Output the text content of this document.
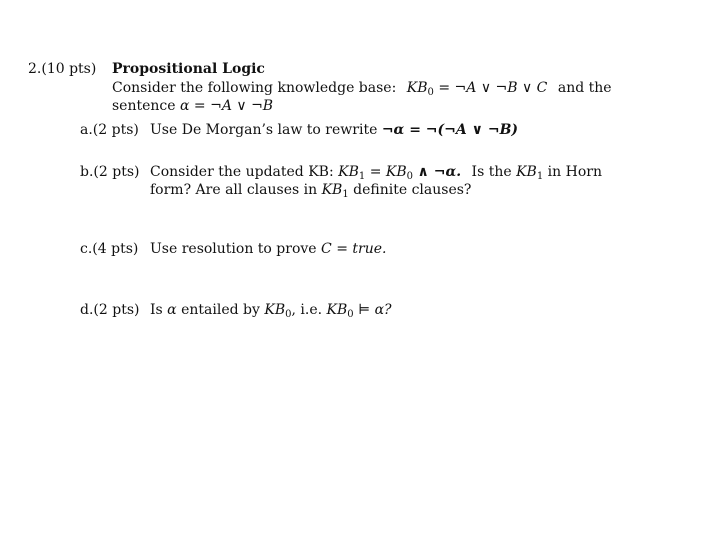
2.(10 pts) Propositional Logic
Consider the following knowledge base: $KB_0$ = ¬A ∨ ¬B ∨ C and the
sentence α = ¬A ∨ ¬B
a.(2 pts) Use De Morgan’s law to rewrite ¬α = ¬(¬A ∨ ¬B)
b.(2 pts) Consider the updated KB: $KB_1 = KB_0$ ∧ ¬α. Is the $KB_1$ in Horn
form? Are all clauses in $KB_1$ definite clauses?
c.(4 pts) Use resolution to prove C = true.
d.(2 pts) Is α entailed by $KB_0$, i.e. $KB_0$ ⊨ α?
